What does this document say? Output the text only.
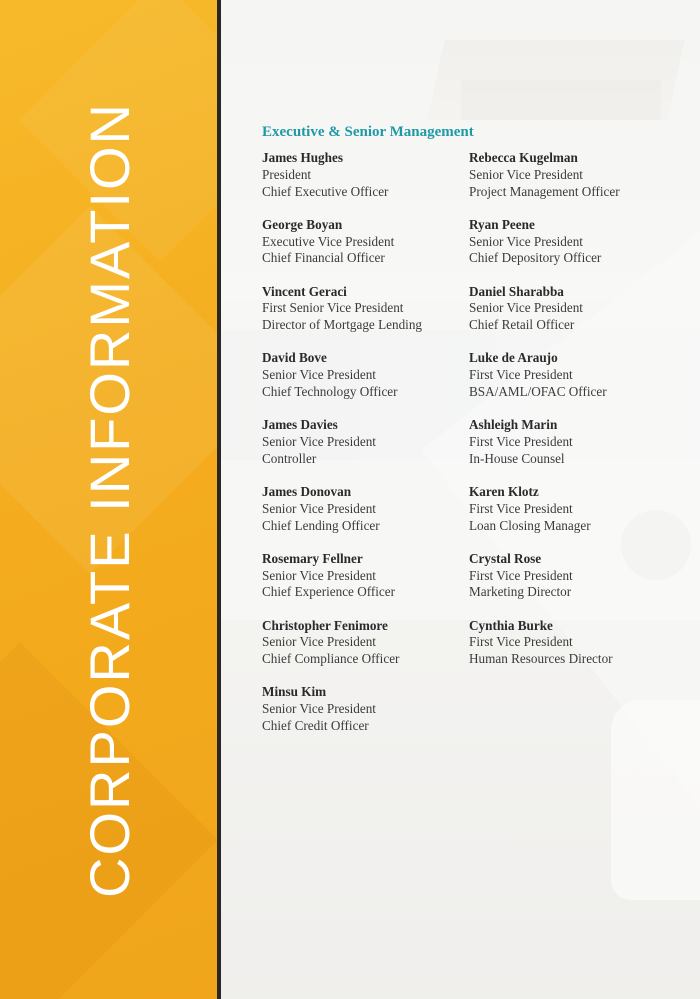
CORPORATE INFORMATION	Executive & Senior Management
James Hughes
President
Chief Executive Officer
George Boyan
Executive Vice President
Chief Financial Officer
Vincent Geraci
First Senior Vice President
Director of Mortgage Lending
David Bove
Senior Vice President
Chief Technology Officer
James Davies
Senior Vice President
Controller
James Donovan
Senior Vice President
Chief Lending Officer
Rosemary Fellner
Senior Vice President
Chief Experience Officer
Christopher Fenimore
Senior Vice President
Chief Compliance Officer
Minsu Kim
Senior Vice President
Chief Credit Officer
Rebecca Kugelman
Senior Vice President
Project Management Officer
Ryan Peene
Senior Vice President
Chief Depository Officer
Daniel Sharabba
Senior Vice President
Chief Retail Officer
Luke de Araujo
First Vice President
BSA/AML/OFAC Officer
Ashleigh Marin
First Vice President
In-House Counsel
Karen Klotz
First Vice President
Loan Closing Manager
Crystal Rose
First Vice President
Marketing Director
Cynthia Burke
First Vice President
Human Resources Director
